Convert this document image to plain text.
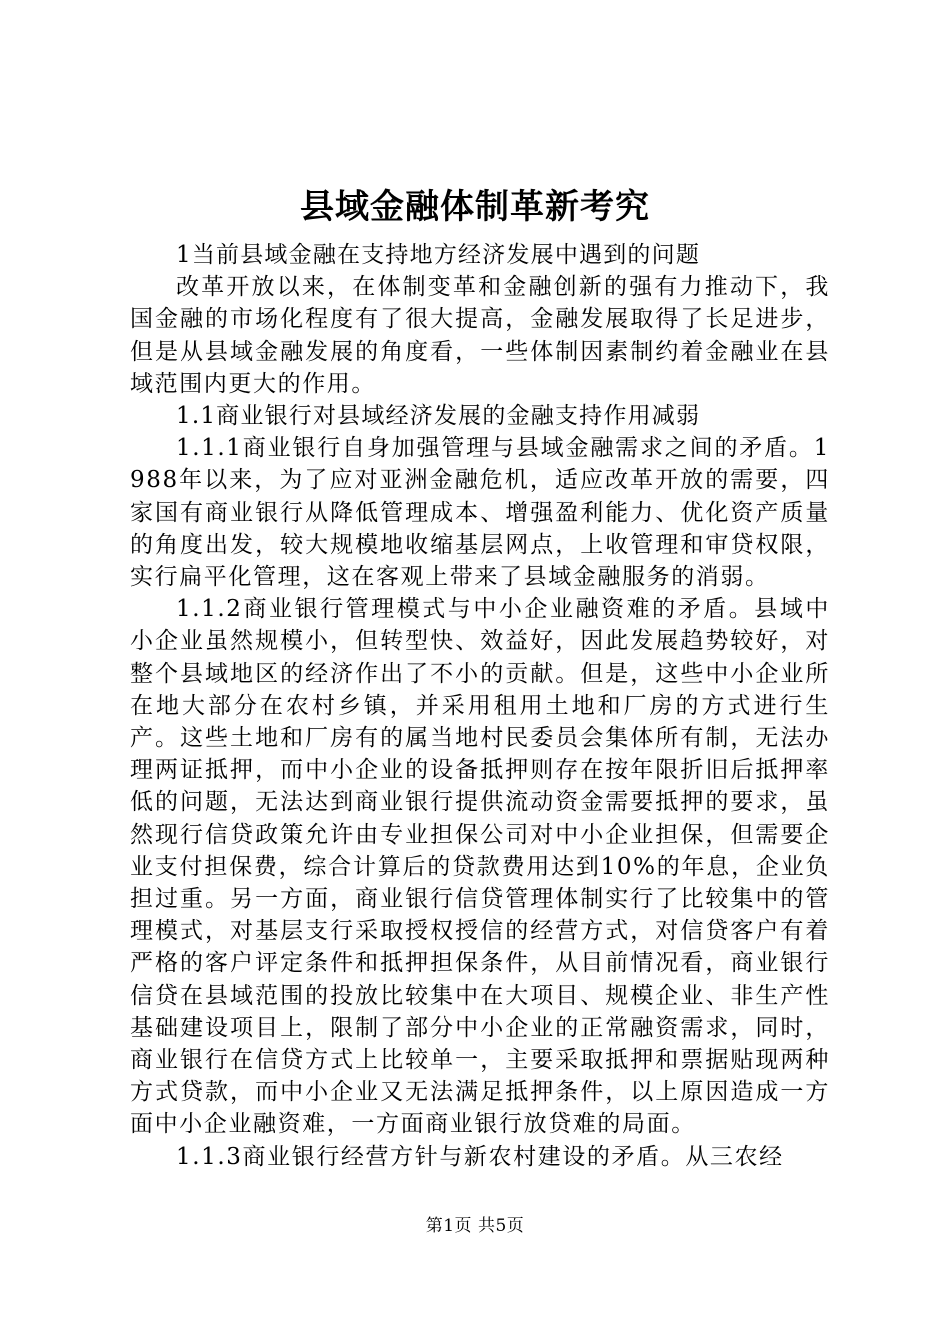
县域金融体制革新考究

1当前县域金融在支持地方经济发展中遇到的问题

改革开放以来，在体制变革和金融创新的强有力推动下，我国金融的市场化程度有了很大提高，金融发展取得了长足进步，但是从县域金融发展的角度看，一些体制因素制约着金融业在县域范围内更大的作用。

1.1商业银行对县域经济发展的金融支持作用减弱

1.1.1商业银行自身加强管理与县域金融需求之间的矛盾。1988年以来，为了应对亚洲金融危机，适应改革开放的需要，四家国有商业银行从降低管理成本、增强盈利能力、优化资产质量的角度出发，较大规模地收缩基层网点，上收管理和审贷权限，实行扁平化管理，这在客观上带来了县域金融服务的消弱。

1.1.2商业银行管理模式与中小企业融资难的矛盾。县域中小企业虽然规模小，但转型快、效益好，因此发展趋势较好，对整个县域地区的经济作出了不小的贡献。但是，这些中小企业所在地大部分在农村乡镇，并采用租用土地和厂房的方式进行生产。这些土地和厂房有的属当地村民委员会集体所有制，无法办理两证抵押，而中小企业的设备抵押则存在按年限折旧后抵押率低的问题，无法达到商业银行提供流动资金需要抵押的要求，虽然现行信贷政策允许由专业担保公司对中小企业担保，但需要企业支付担保费，综合计算后的贷款费用达到10%的年息，企业负担过重。另一方面，商业银行信贷管理体制实行了比较集中的管理模式，对基层支行采取授权授信的经营方式，对信贷客户有着严格的客户评定条件和抵押担保条件，从目前情况看，商业银行信贷在县域范围的投放比较集中在大项目、规模企业、非生产性基础建设项目上，限制了部分中小企业的正常融资需求，同时，商业银行在信贷方式上比较单一，主要采取抵押和票据贴现两种方式贷款，而中小企业又无法满足抵押条件，以上原因造成一方面中小企业融资难，一方面商业银行放贷难的局面。

1.1.3商业银行经营方针与新农村建设的矛盾。从三农经

第1页 共5页
